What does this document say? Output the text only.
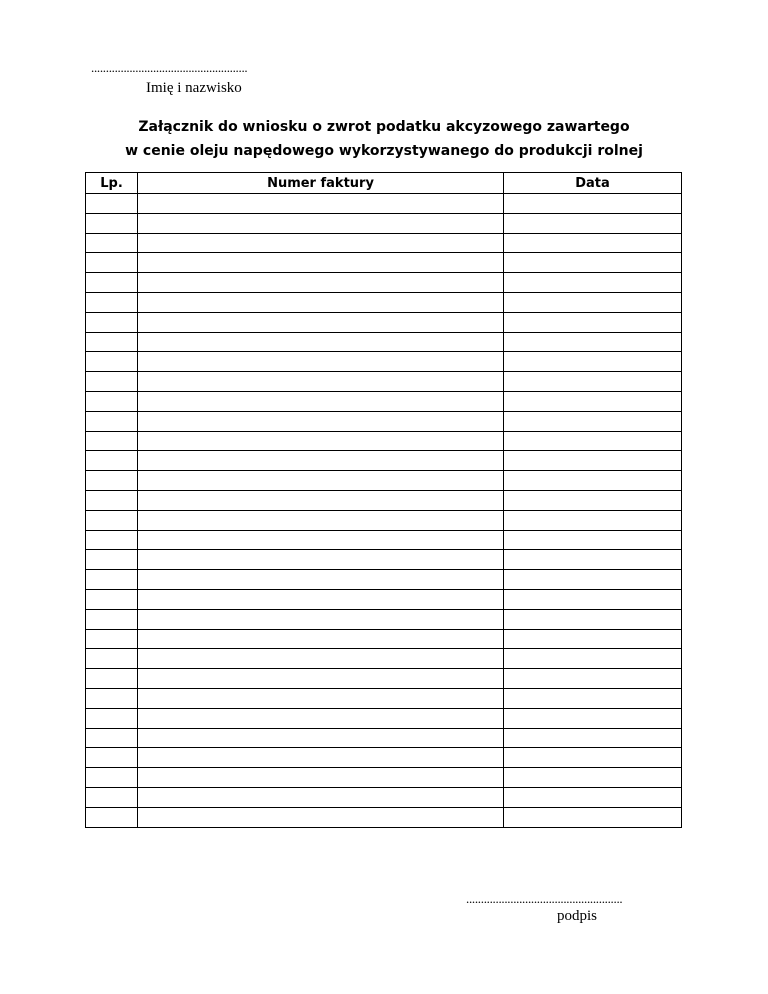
.....................................................
Imię i nazwisko
Załącznik do wniosku o zwrot podatku akcyzowego zawartego
w cenie oleju napędowego wykorzystywanego do produkcji rolnej
Lp.	Numer faktury	Data

.....................................................
podpis
